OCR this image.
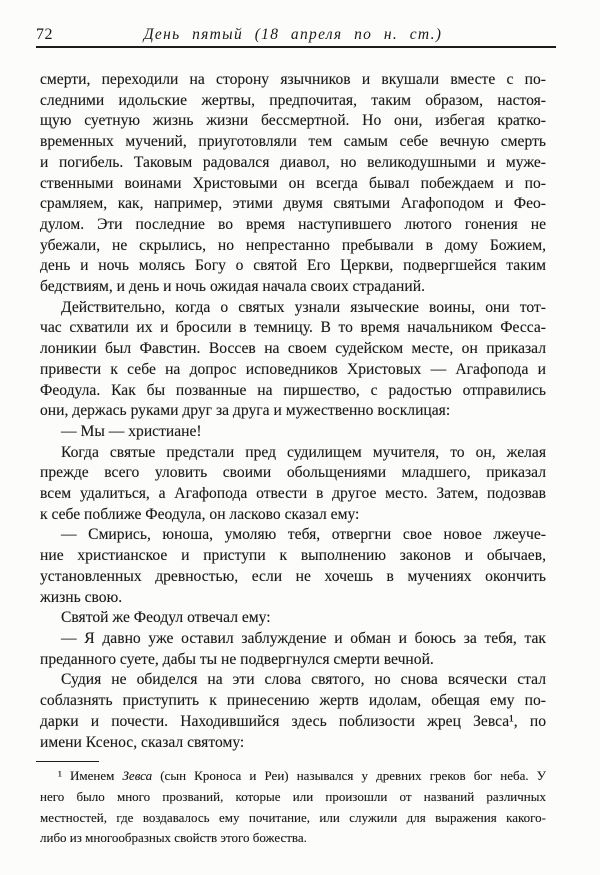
72	День пятый (18 апреля по н. ст.)
смерти, переходили на сторону язычников и вкушали вместе с по-
следними идольские жертвы, предпочитая, таким образом, настоя-
щую суетную жизнь жизни бессмертной. Но они, избегая кратко-
временных мучений, приуготовляли тем самым себе вечную смерть
и погибель. Таковым радовался диавол, но великодушными и муже-
ственными воинами Христовыми он всегда бывал побеждаем и по-
срамляем, как, например, этими двумя святыми Агафоподом и Фео-
дулом. Эти последние во время наступившего лютого гонения не
убежали, не скрылись, но непрестанно пребывали в дому Божием,
день и ночь молясь Богу о святой Его Церкви, подвергшейся таким
бедствиям, и день и ночь ожидая начала своих страданий.
Действительно, когда о святых узнали языческие воины, они тот-
час схватили их и бросили в темницу. В то время начальником Фесса-
лоникии был Фавстин. Воссев на своем судейском месте, он приказал
привести к себе на допрос исповедников Христовых — Агафопода и
Феодула. Как бы позванные на пиршество, с радостью отправились
они, держась руками друг за друга и мужественно восклицая:
— Мы — христиане!
Когда святые предстали пред судилищем мучителя, то он, желая
прежде всего уловить своими обольщениями младшего, приказал
всем удалиться, а Агафопода отвести в другое место. Затем, подозвав
к себе поближе Феодула, он ласково сказал ему:
— Смирись, юноша, умоляю тебя, отвергни свое новое лжеуче-
ние христианское и приступи к выполнению законов и обычаев,
установленных древностью, если не хочешь в мучениях окончить
жизнь свою.
Святой же Феодул отвечал ему:
— Я давно уже оставил заблуждение и обман и боюсь за тебя, так
преданного суете, дабы ты не подвергнулся смерти вечной.
Судия не обиделся на эти слова святого, но снова всячески стал
соблазнять приступить к принесению жертв идолам, обещая ему по-
дарки и почести. Находившийся здесь поблизости жрец Зевса¹, по
имени Ксенос, сказал святому:
¹ Именем Зевса (сын Кроноса и Реи) назывался у древних греков бог неба. У
него было много прозваний, которые или произошли от названий различных
местностей, где воздавалось ему почитание, или служили для выражения какого-
либо из многообразных свойств этого божества.
